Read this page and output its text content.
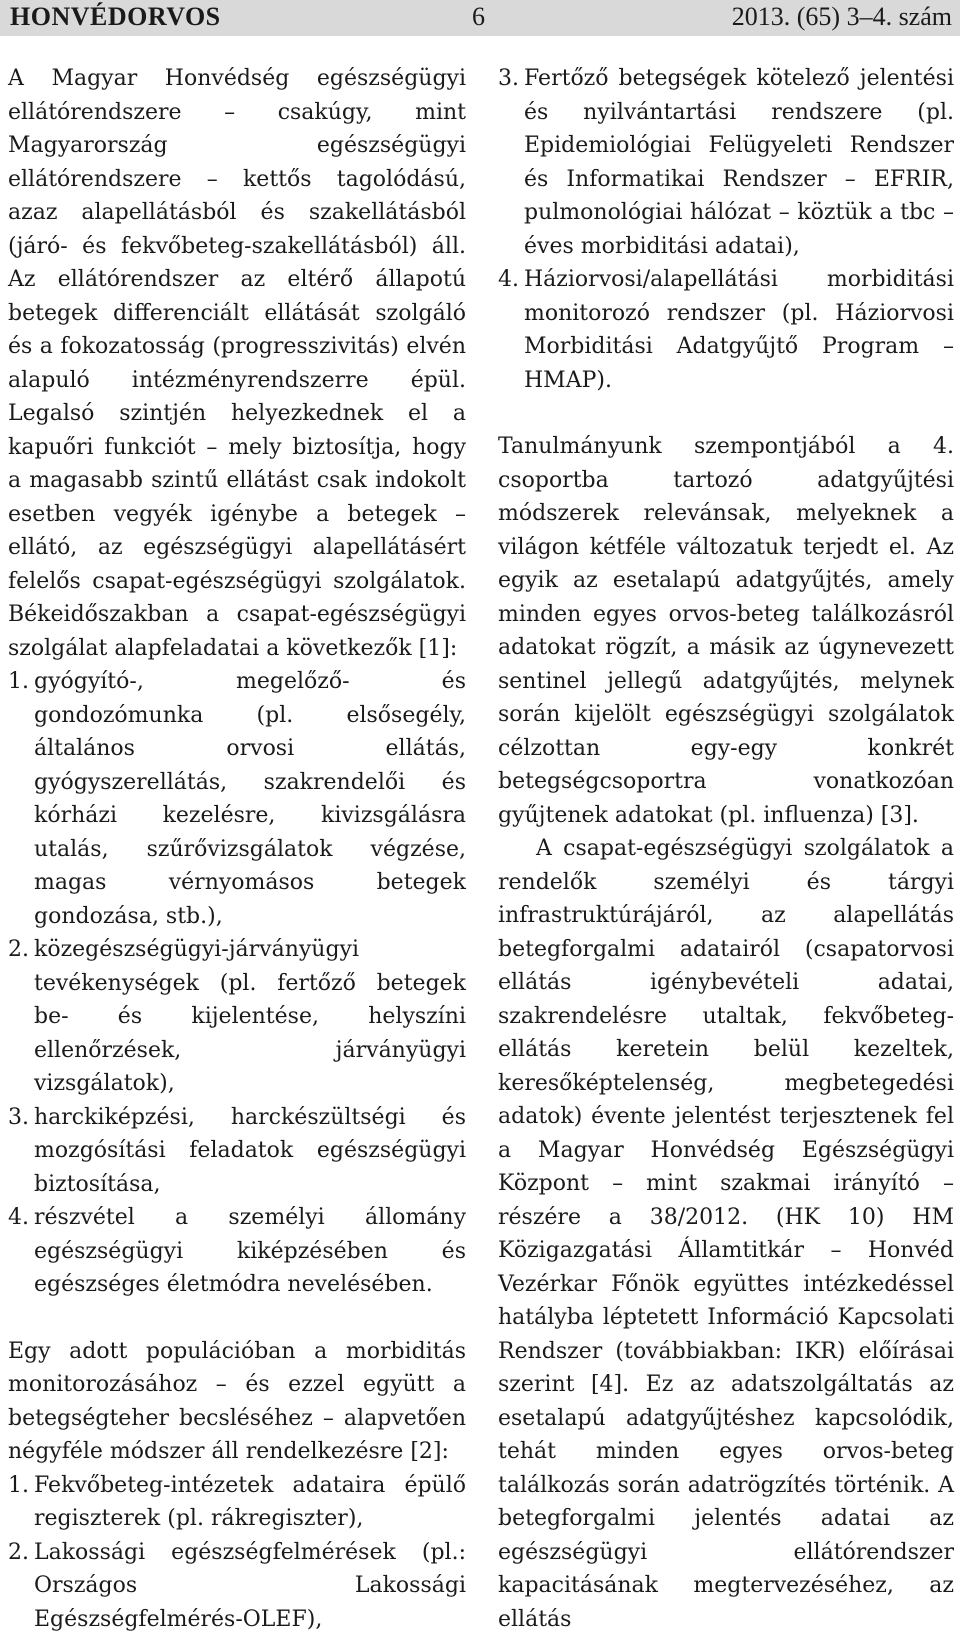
HONVÉDORVOS	6	2013. (65) 3–4. szám

A Magyar Honvédség egészségügyi ellátórendszere – csakúgy, mint Magyarország egészségügyi ellátórendszere – kettős tagolódású, azaz alapellátásból és szakellátásból (járó- és fekvőbeteg-szakellátásból) áll. Az ellátórendszer az eltérő állapotú betegek differenciált ellátását szolgáló és a fokozatosság (progresszivitás) elvén alapuló intézményrendszerre épül. Legalsó szintjén helyezkednek el a kapuőri funkciót – mely biztosítja, hogy a magasabb szintű ellátást csak indokolt esetben vegyék igénybe a betegek – ellátó, az egészségügyi alapellátásért felelős csapat-egészségügyi szolgálatok. Békeidőszakban a csapat-egészségügyi szolgálat alapfeladatai a következők [1]:

1. gyógyító-, megelőző- és gondozómunka (pl. elsősegély, általános orvosi ellátás, gyógyszerellátás, szakrendelői és kórházi kezelésre, kivizsgálásra utalás, szűrővizsgálatok végzése, magas vérnyomásos betegek gondozása, stb.),
2. közegészségügyi-járványügyi tevékenységek (pl. fertőző betegek be- és kijelentése, helyszíni ellenőrzések, járványügyi vizsgálatok),
3. harckiképzési, harckészültségi és mozgósítási feladatok egészségügyi biztosítása,
4. részvétel a személyi állomány egészségügyi kiképzésében és egészséges életmódra nevelésében.

Egy adott populációban a morbiditás monitorozásához – és ezzel együtt a betegségteher becsléséhez – alapvetően négyféle módszer áll rendelkezésre [2]:

1. Fekvőbeteg-intézetek adataira épülő regiszterek (pl. rákregiszter),
2. Lakossági egészségfelmérések (pl.: Országos Lakossági Egészségfelmérés-OLEF),
3. Fertőző betegségek kötelező jelentési és nyilvántartási rendszere (pl. Epidemiológiai Felügyeleti Rendszer és Informatikai Rendszer – EFRIR, pulmonológiai hálózat – köztük a tbc – éves morbiditási adatai),
4. Háziorvosi/alapellátási morbiditási monitorozó rendszer (pl. Háziorvosi Morbiditási Adatgyűjtő Program – HMAP).

Tanulmányunk szempontjából a 4. csoportba tartozó adatgyűjtési módszerek relevánsak, melyeknek a világon kétféle változatuk terjedt el. Az egyik az esetalapú adatgyűjtés, amely minden egyes orvos-beteg találkozásról adatokat rögzít, a másik az úgynevezett sentinel jellegű adatgyűjtés, melynek során kijelölt egészségügyi szolgálatok célzottan egy-egy konkrét betegségcsoportra vonatkozóan gyűjtenek adatokat (pl. influenza) [3].

A csapat-egészségügyi szolgálatok a rendelők személyi és tárgyi infrastruktúrájáról, az alapellátás betegforgalmi adatairól (csapatorvosi ellátás igénybevételi adatai, szakrendelésre utaltak, fekvőbeteg-ellátás keretein belül kezeltek, keresőképtelenség, megbetegedési adatok) évente jelentést terjesztenek fel a Magyar Honvédség Egészségügyi Központ – mint szakmai irányító – részére a 38/2012. (HK 10) HM Közigazgatási Államtitkár – Honvéd Vezérkar Főnök együttes intézkedéssel hatályba léptetett Információ Kapcsolati Rendszer (továbbiakban: IKR) előírásai szerint [4]. Ez az adatszolgáltatás az esetalapú adatgyűjtéshez kapcsolódik, tehát minden egyes orvos-beteg találkozás során adatrögzítés történik. A betegforgalmi jelentés adatai az egészségügyi ellátórendszer kapacitásának megtervezéséhez, az ellátás
